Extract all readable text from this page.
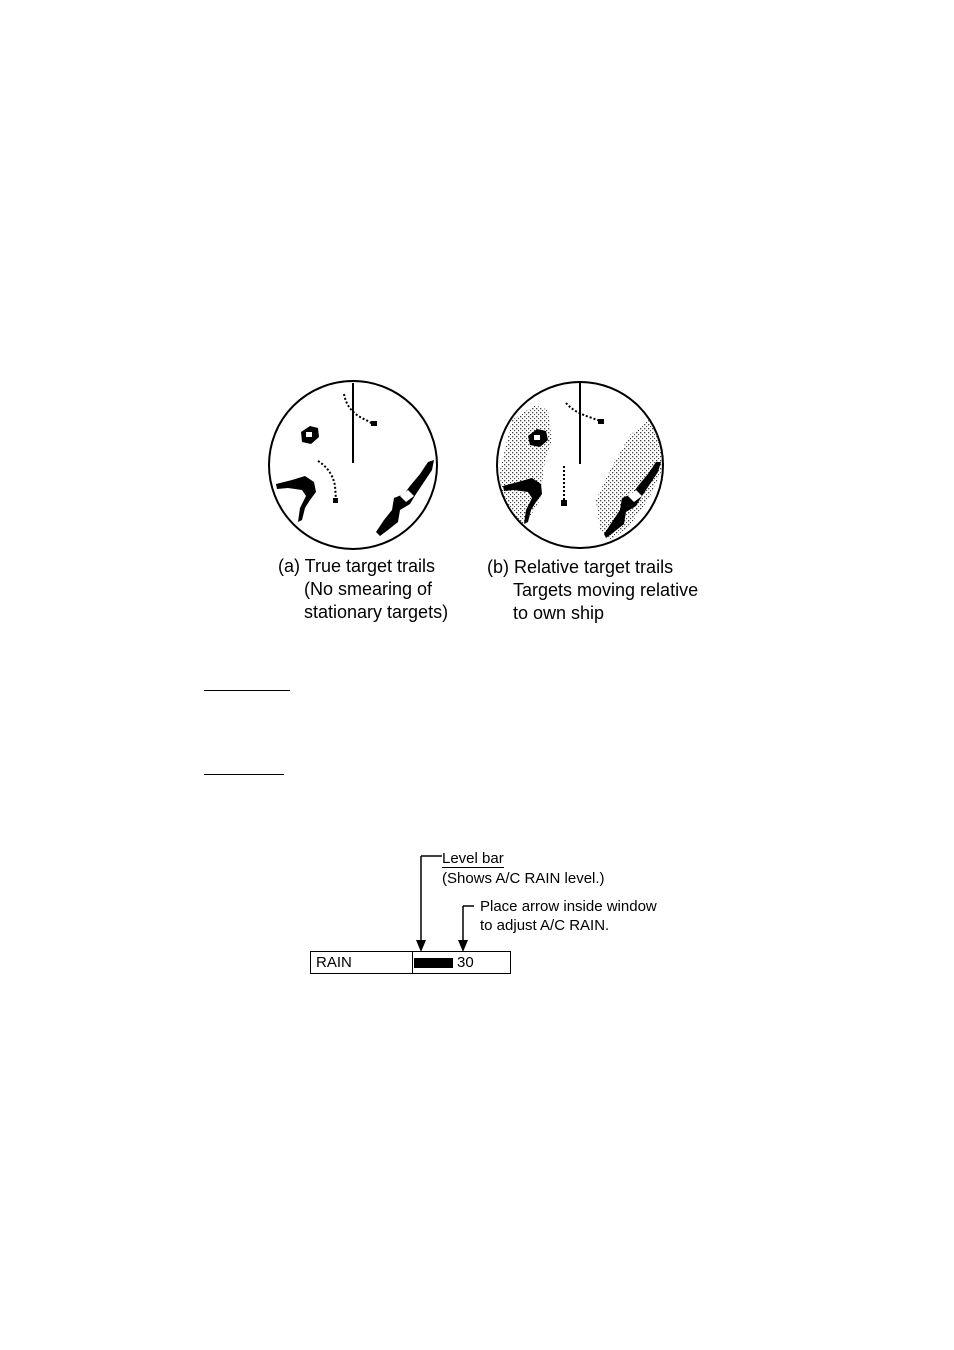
(a) True target trails
(No smearing of
stationary targets)
(b) Relative target trails
Targets moving relative
to own ship
Level bar
(Shows A/C RAIN level.)
Place arrow inside window
to adjust A/C RAIN.
RAIN	30
